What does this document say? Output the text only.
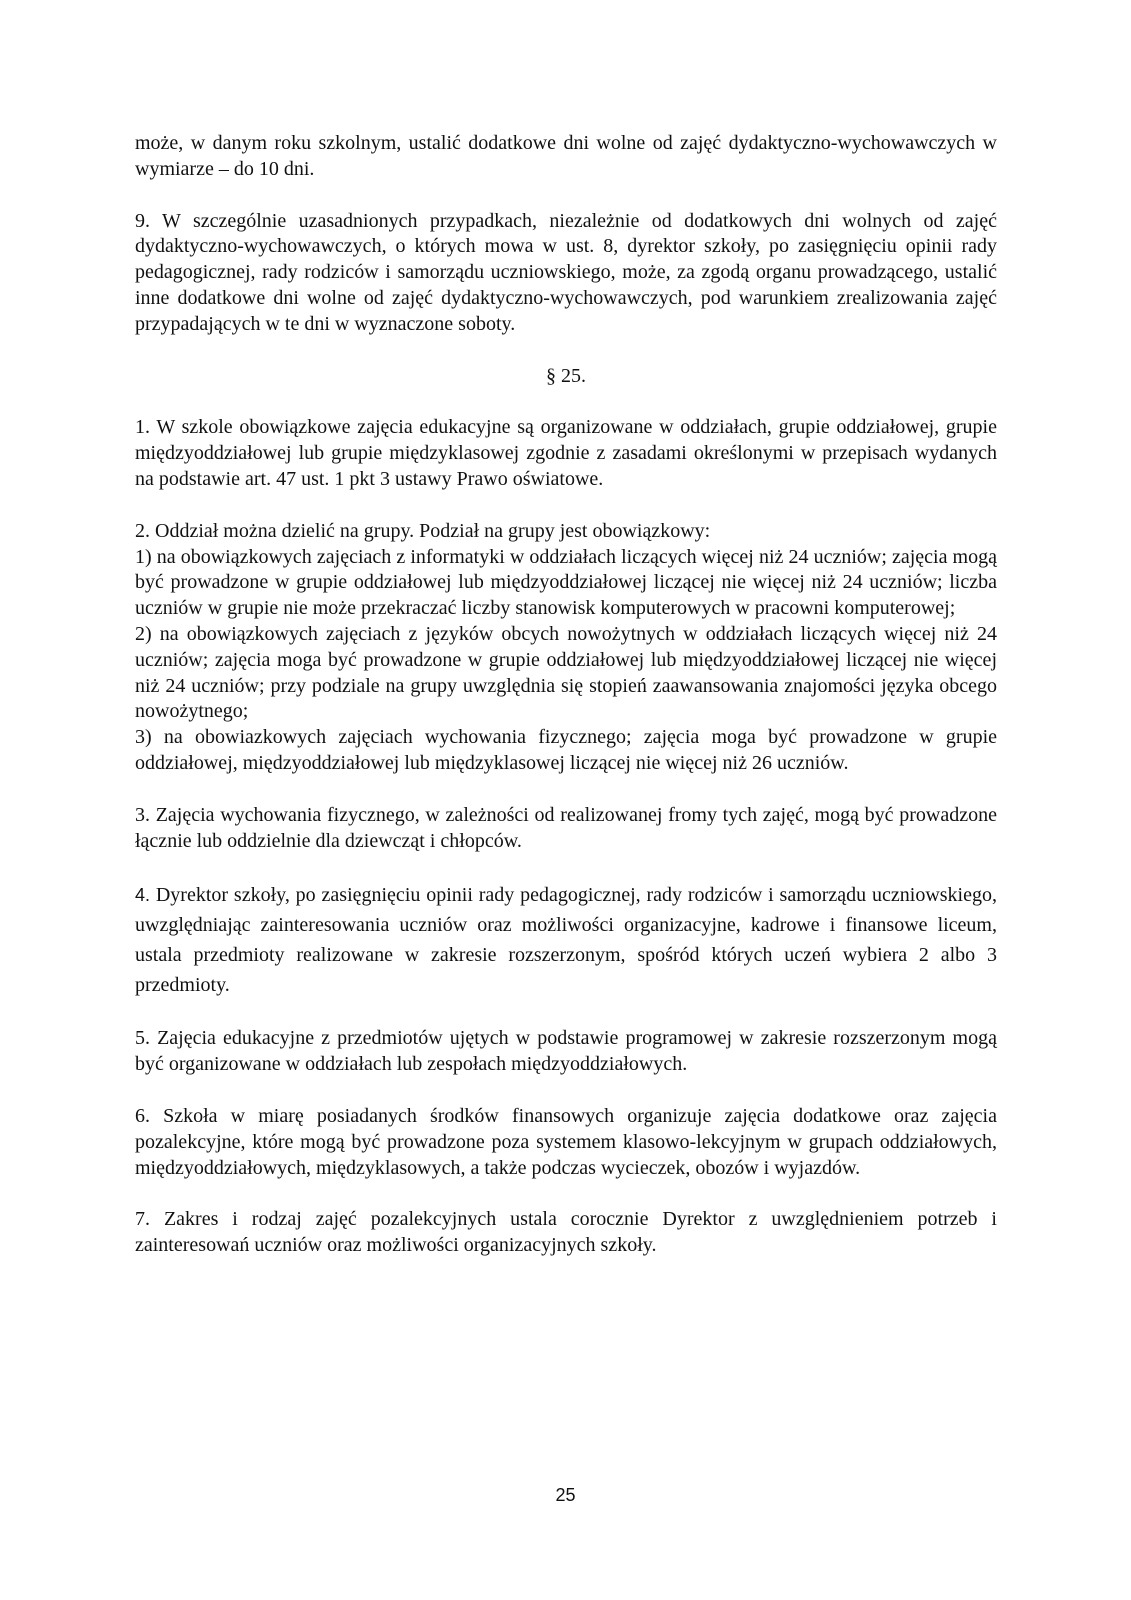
może, w danym roku szkolnym, ustalić dodatkowe dni wolne od zajęć dydaktyczno-wychowawczych w wymiarze – do 10 dni.

9. W szczególnie uzasadnionych przypadkach, niezależnie od dodatkowych dni wolnych od zajęć dydaktyczno-wychowawczych, o których mowa w ust. 8, dyrektor szkoły, po zasięgnięciu opinii rady pedagogicznej, rady rodziców i samorządu uczniowskiego, może, za zgodą organu prowadzącego, ustalić inne dodatkowe dni wolne od zajęć dydaktyczno-wychowawczych, pod warunkiem zrealizowania zajęć przypadających w te dni w wyznaczone soboty.

§ 25.

1. W szkole obowiązkowe zajęcia edukacyjne są organizowane w oddziałach, grupie oddziałowej, grupie międzyoddziałowej lub grupie międzyklasowej zgodnie z zasadami określonymi w przepisach wydanych na podstawie art. 47 ust. 1 pkt 3 ustawy Prawo oświatowe.

2. Oddział można dzielić na grupy. Podział na grupy jest obowiązkowy:

1) na obowiązkowych zajęciach z informatyki w oddziałach liczących więcej niż 24 uczniów; zajęcia mogą być prowadzone w grupie oddziałowej lub międzyoddziałowej liczącej nie więcej niż 24 uczniów; liczba uczniów w grupie nie może przekraczać liczby stanowisk komputerowych w pracowni komputerowej;

2) na obowiązkowych zajęciach z języków obcych nowożytnych w oddziałach liczących więcej niż 24 uczniów; zajęcia moga być prowadzone w grupie oddziałowej lub międzyoddziałowej liczącej nie więcej niż 24 uczniów; przy podziale na grupy uwzględnia się stopień zaawansowania znajomości języka obcego nowożytnego;

3) na obowiazkowych zajęciach wychowania fizycznego; zajęcia moga być prowadzone w grupie oddziałowej, międzyoddziałowej lub międzyklasowej liczącej nie więcej niż 26 uczniów.

3. Zajęcia wychowania fizycznego, w zależności od realizowanej fromy tych zajęć, mogą być prowadzone łącznie lub oddzielnie dla dziewcząt i chłopców.

4. Dyrektor szkoły, po zasięgnięciu opinii rady pedagogicznej, rady rodziców i samorządu uczniowskiego, uwzględniając zainteresowania uczniów oraz możliwości organizacyjne, kadrowe i finansowe liceum, ustala przedmioty realizowane w zakresie rozszerzonym, spośród których uczeń wybiera 2 albo 3 przedmioty.

5. Zajęcia edukacyjne z przedmiotów ujętych w podstawie programowej w zakresie rozszerzonym mogą być organizowane w oddziałach lub zespołach międzyoddziałowych.

6. Szkoła w miarę posiadanych środków finansowych organizuje zajęcia dodatkowe oraz zajęcia pozalekcyjne, które mogą być prowadzone poza systemem klasowo-lekcyjnym w grupach oddziałowych, międzyoddziałowych, międzyklasowych, a także podczas wycieczek, obozów i wyjazdów.

7. Zakres i rodzaj zajęć pozalekcyjnych ustala corocznie Dyrektor z uwzględnieniem potrzeb i zainteresowań uczniów oraz możliwości organizacyjnych szkoły.

25
